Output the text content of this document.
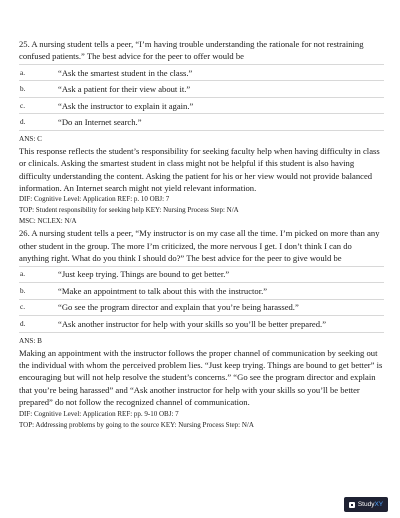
25. A nursing student tells a peer, “I’m having trouble understanding the rationale for not restraining confused patients.” The best advice for the peer to offer would be

a.	“Ask the smartest student in the class.”
b.	“Ask a patient for their view about it.”
c.	“Ask the instructor to explain it again.”
d.	“Do an Internet search.”
ANS: C

This response reflects the student’s responsibility for seeking faculty help when having difficulty in class or clinicals. Asking the smartest student in class might not be helpful if this student is also having difficulty understanding the content. Asking the patient for his or her view would not provide balanced information. An Internet search might not yield relevant information.

DIF: Cognitive Level: Application REF: p. 10 OBJ: 7

TOP: Student responsibility for seeking help KEY: Nursing Process Step: N/A

MSC: NCLEX: N/A

26. A nursing student tells a peer, “My instructor is on my case all the time. I’m picked on more than any other student in the group. The more I’m criticized, the more nervous I get. I don’t think I can do anything right. What do you think I should do?” The best advice for the peer to give would be

a.	“Just keep trying. Things are bound to get better.”
b.	“Make an appointment to talk about this with the instructor.”
c.	“Go see the program director and explain that you’re being harassed.”
d.	“Ask another instructor for help with your skills so you’ll be better prepared.”
ANS: B

Making an appointment with the instructor follows the proper channel of communication by seeking out the individual with whom the perceived problem lies. “Just keep trying. Things are bound to get better” is encouraging but will not help resolve the student’s concerns.” “Go see the program director and explain that you’re being harassed” and “Ask another instructor for help with your skills so you’ll be better prepared” do not follow the recognized channel of communication.

DIF: Cognitive Level: Application REF: pp. 9-10 OBJ: 7

TOP: Addressing problems by going to the source KEY: Nursing Process Step: N/A

StudyXY
